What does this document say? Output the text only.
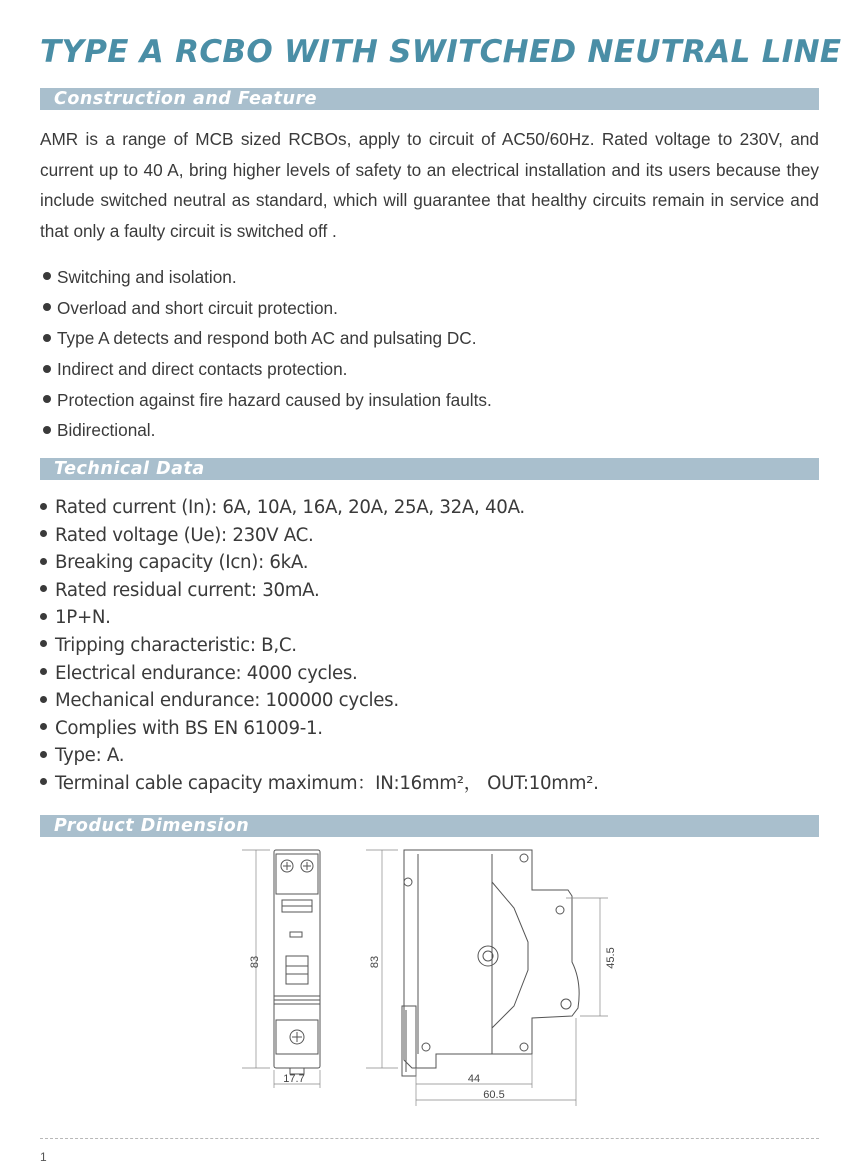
TYPE A RCBO WITH SWITCHED NEUTRAL LINE
Construction and Feature

AMR is a range of MCB sized RCBOs, apply to circuit of AC50/60Hz. Rated voltage to 230V, and current up to 40 A, bring higher levels of safety to an electrical installation and its users because they include switched neutral as standard, which will guarantee that healthy circuits remain in service and that only a faulty circuit is switched off .

Switching and isolation.
Overload and short circuit protection.
Type A detects and respond both AC and pulsating DC.
Indirect and direct contacts protection.
Protection against fire hazard caused by insulation faults.
Bidirectional.
Technical Data
Rated current (In): 6A, 10A, 16A, 20A, 25A, 32A, 40A.
Rated voltage (Ue): 230V AC.
Breaking capacity (Icn): 6kA.
Rated residual current: 30mA.
1P+N.
Tripping characteristic: B,C.
Electrical endurance: 4000 cycles.
Mechanical endurance: 100000 cycles.
Complies with BS EN 61009-1.
Type: A.
Terminal cable capacity maximum：IN:16mm²， OUT:10mm².
Product Dimension
83
17.7
83
44
60.5
45.5
1
